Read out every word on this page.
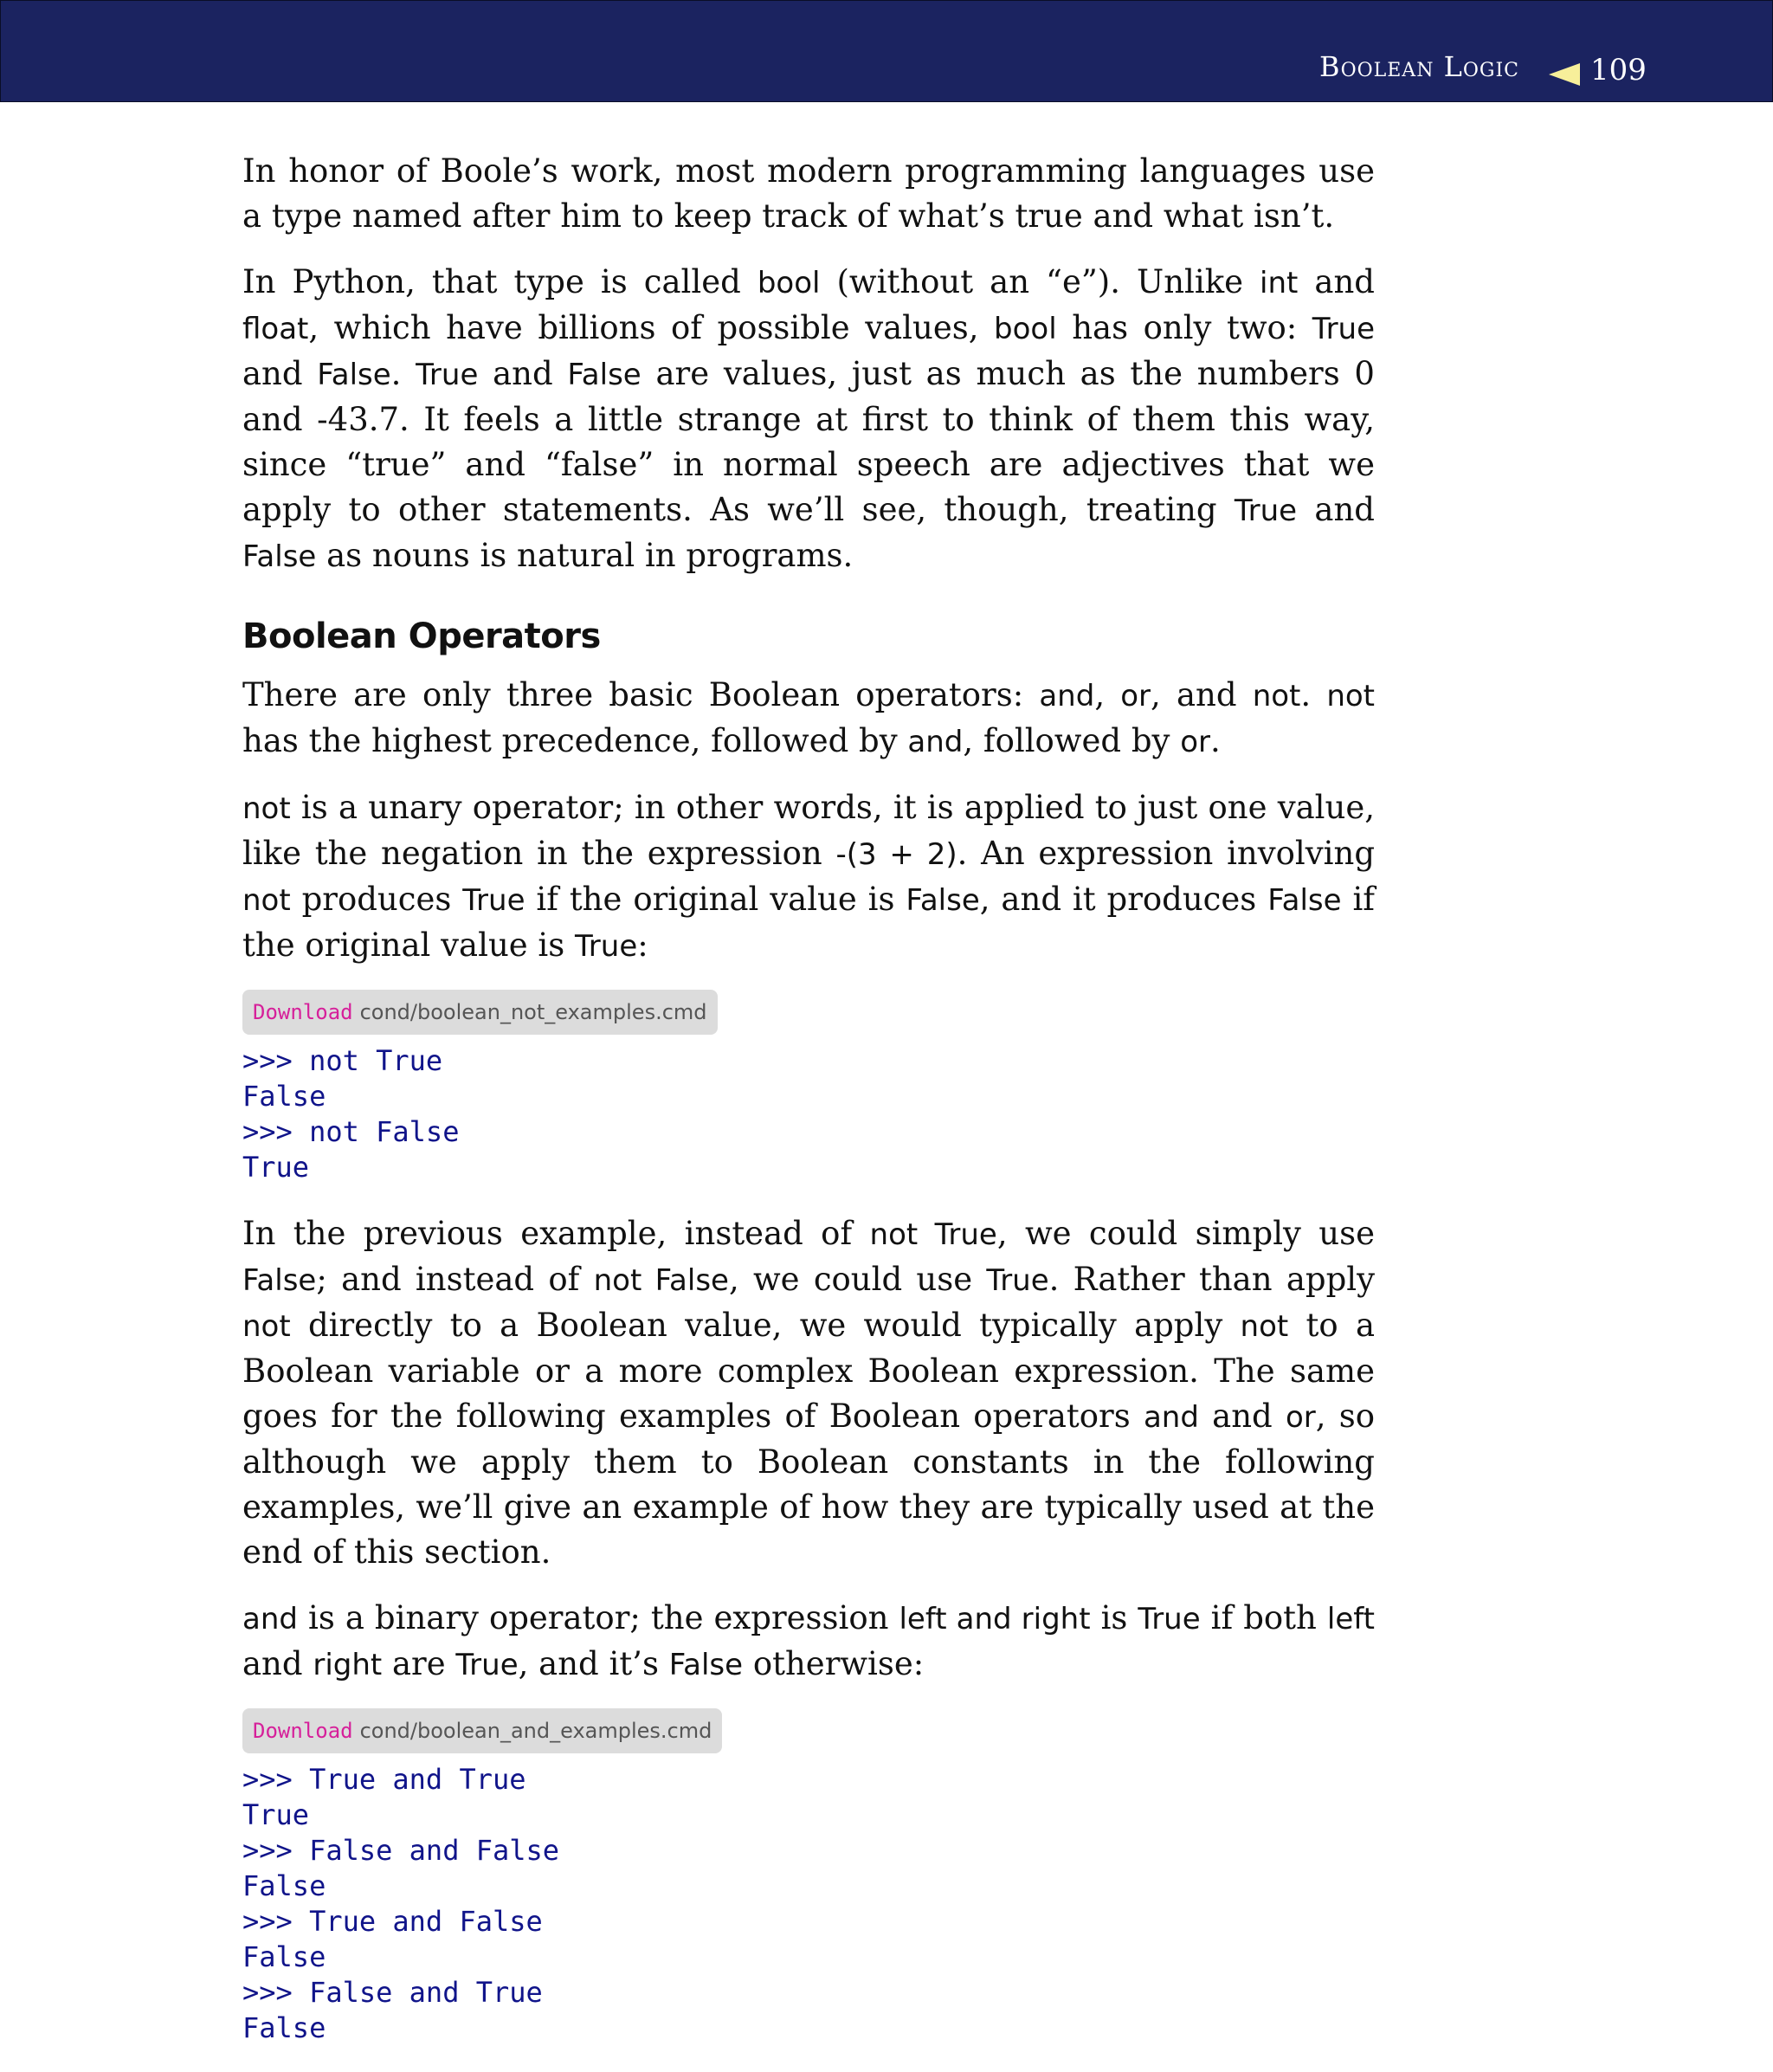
Boolean Logic 109

In honor of Boole’s work, most modern programming languages use a type named after him to keep track of what’s true and what isn’t.

In Python, that type is called bool (without an “e”). Unlike int and float, which have billions of possible values, bool has only two: True and False. True and False are values, just as much as the numbers 0 and -43.7. It feels a little strange at first to think of them this way, since “true” and “false” in normal speech are adjectives that we apply to other statements. As we’ll see, though, treating True and False as nouns is natural in programs.

Boolean Operators

There are only three basic Boolean operators: and, or, and not. not has the highest precedence, followed by and, followed by or.

not is a unary operator; in other words, it is applied to just one value, like the negation in the expression -(3 + 2). An expression involving not produces True if the original value is False, and it produces False if the original value is True:

Download cond/boolean_not_examples.cmd
>>> not True
False
>>> not False
True

In the previous example, instead of not True, we could simply use False; and instead of not False, we could use True. Rather than apply not directly to a Boolean value, we would typically apply not to a Boolean variable or a more complex Boolean expression. The same goes for the following examples of Boolean operators and and or, so although we apply them to Boolean constants in the following examples, we’ll give an example of how they are typically used at the end of this section.

and is a binary operator; the expression left and right is True if both left and right are True, and it’s False otherwise:

Download cond/boolean_and_examples.cmd
>>> True and True
True
>>> False and False
False
>>> True and False
False
>>> False and True
False
